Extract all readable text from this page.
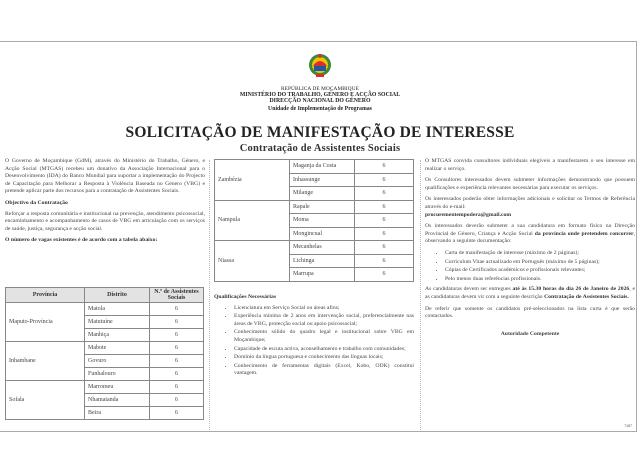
REPÚBLICA DE MOÇAMBIQUE
MINISTÉRIO DO TRABALHO, GÉNERO E ACÇÃO SOCIAL
DIRECÇÃO NACIONAL DO GÉNERO
Unidade de Implementação de Programas
SOLICITAÇÃO DE MANIFESTAÇÃO DE INTERESSE
Contratação de Assistentes Sociais

O Governo de Moçambique (GdM), através do Ministério do Trabalho, Género, e Acção Social (MTGAS) recebeu um donativo da Associação Internacional para o Desenvolvimento (IDA) do Banco Mundial para suportar a implementação do Projecto de Capacitação para Melhorar a Resposta à Violência Baseada no Género (VBG) e pretende aplicar parte dos recursos para a contratação de Assistentes Sociais.

Objectivo da Contratação

Reforçar a resposta comunitária e institucional na prevenção, atendimento psicossocial, encaminhamento e acompanhamento de casos de VBG em articulação com os serviços de saúde, justiça, segurança e acção social.

O número de vagas existentes é de acordo com a tabela abaixo:
Província	Distrito	N.º de Assistentes Sociais
Maputo-Província	Matola	6
	Matutuíne	6
	Manhiça	6
Inhambane	Mabote	6
	Govuro	6
	Funhalouro	6
Sofala	Marromeu	6
	Nhamatanda	6
	Beira	6
Zambézia	Maganja da Costa	6
	Inhassunge	6
	Milange	6
Nampula	Rapale	6
	Moma	6
	Mongincual	6
Niassa	Mecanhelas	6
	Lichinga	6
	Marrupa	6
Qualificações Necessárias
• Licenciatura em Serviço Social ou áreas afins;
• Experiência mínima de 2 anos em intervenção social, preferencialmente nas áreas de VBG, protecção social ou apoio psicossocial;
• Conhecimento sólido do quadro legal e institucional sobre VBG em Moçambique;
• Capacidade de escuta activa, aconselhamento e trabalho com comunidades;
• Domínio da língua portuguesa e conhecimento das línguas locais;
• Conhecimento de ferramentas digitais (Excel, Kobo, ODK) constitui vantagem.

O MTGAS convida consultores individuais elegíveis a manifestarem o seu interesse em realizar o serviço.

Os Consultores interessados devem submeter informações demonstrando que possuem qualificações e experiência relevantes necessárias para executar os serviços.

Os interessados poderão obter informações adicionais e solicitar os Termos de Referência através do e-mail:

procurementempodera@gmail.com

Os interessados deverão submeter a sua candidatura em formato físico na Direcção Provincial de Género, Criança e Acção Social da província onde pretendem concorrer, observando a seguinte documentação:

• Carta de manifestação de interesse (máximo de 2 páginas);
• Curriculum Vitae actualizado em Português (máximo de 5 páginas);
• Cópias de Certificados académicos e profissionais relevantes;
• Pelo menos duas referências profissionais.

As candidaturas devem ser entregues até às 15.30 horas do dia 26 de Janeiro de 2026, e as candidaturas devem vir com a seguinte descrição Contratação de Assistentes Sociais.

De referir que somente os candidatos pré-seleccionados na lista curta é que serão contactados.

Autoridade Competente
7187
